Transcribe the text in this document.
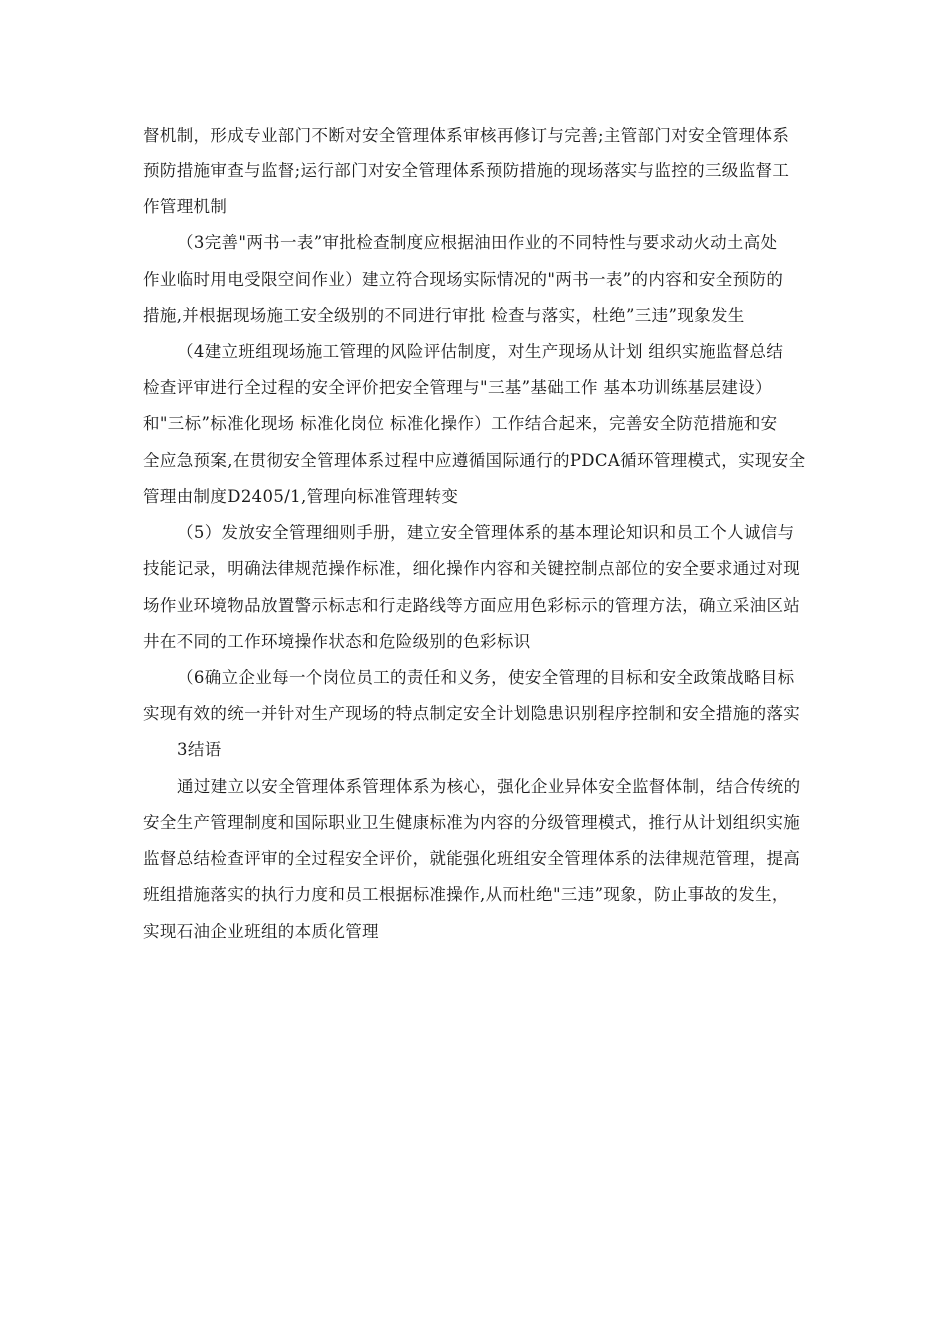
督机制，形成专业部门不断对安全管理体系审核再修订与完善;主管部门对安全管理体系
预防措施审查与监督;运行部门对安全管理体系预防措施的现场落实与监控的三级监督工
作管理机制
（3完善"两书一表”审批检查制度应根据油田作业的不同特性与要求动火动土高处
作业临时用电受限空间作业）建立符合现场实际情况的"两书一表”的内容和安全预防的
措施,并根据现场施工安全级别的不同进行审批 检查与落实，杜绝”三违”现象发生
（4建立班组现场施工管理的风险评估制度，对生产现场从计划 组织实施监督总结
检查评审进行全过程的安全评价把安全管理与"三基”基础工作 基本功训练基层建设）
和"三标”标准化现场 标准化岗位 标准化操作）工作结合起来，完善安全防范措施和安
全应急预案,在贯彻安全管理体系过程中应遵循国际通行的PDCA循环管理模式，实现安全
管理由制度D2405/1,管理向标准管理转变
（5）发放安全管理细则手册，建立安全管理体系的基本理论知识和员工个人诚信与
技能记录，明确法律规范操作标准，细化操作内容和关键控制点部位的安全要求通过对现
场作业环境物品放置警示标志和行走路线等方面应用色彩标示的管理方法，确立采油区站
井在不同的工作环境操作状态和危险级别的色彩标识
（6确立企业每一个岗位员工的责任和义务，使安全管理的目标和安全政策战略目标
实现有效的统一并针对生产现场的特点制定安全计划隐患识别程序控制和安全措施的落实
3结语
通过建立以安全管理体系管理体系为核心，强化企业异体安全监督体制，结合传统的
安全生产管理制度和国际职业卫生健康标准为内容的分级管理模式，推行从计划组织实施
监督总结检查评审的全过程安全评价，就能强化班组安全管理体系的法律规范管理，提高
班组措施落实的执行力度和员工根据标准操作,从而杜绝"三违”现象，防止事故的发生，
实现石油企业班组的本质化管理
